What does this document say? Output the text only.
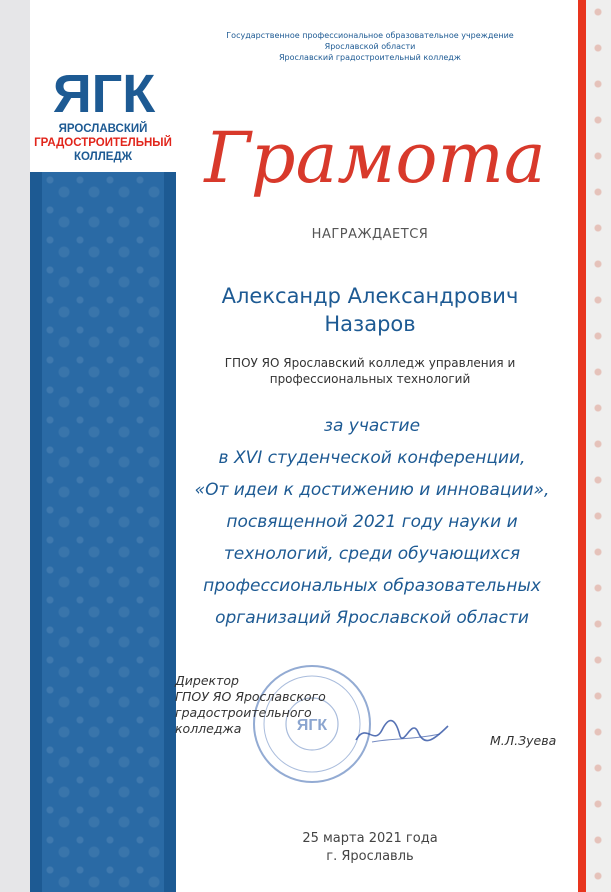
ЯГК
ЯРОСЛАВСКИЙ
ГРАДОСТРОИТЕЛЬНЫЙ
КОЛЛЕДЖ
Государственное профессиональное образовательное учреждение
Ярославской области
Ярославский градостроительный колледж
Грамота
НАГРАЖДАЕТСЯ
Александр Александрович
Назаров
ГПОУ ЯО Ярославский колледж управления и
профессиональных технологий
за участие
в XVI студенческой конференции,
«От идеи к достижению и инновации»,
посвященной 2021 году науки и
технологий, среди обучающихся
профессиональных образовательных
организаций Ярославской области
ЯГК
Директор
ГПОУ ЯО Ярославского
градостроительного
колледжа
М.Л.Зуева
25 марта 2021 года
г. Ярославль
